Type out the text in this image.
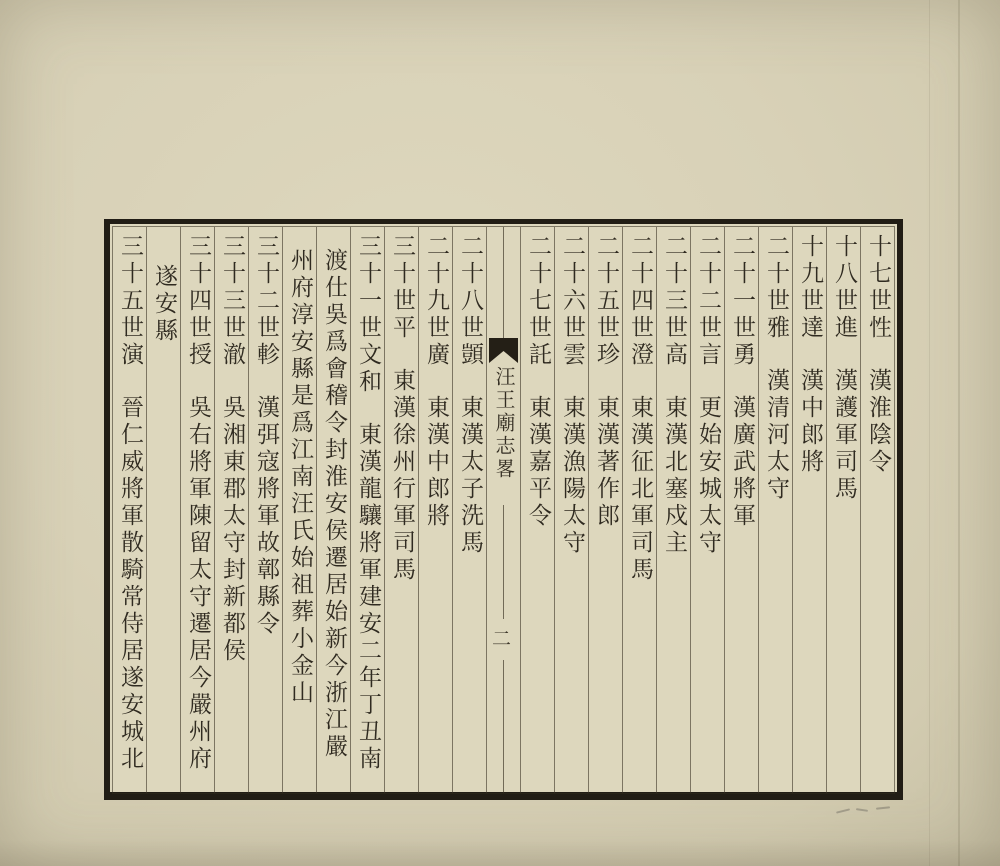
十七世性漢淮陰令
十八世進漢護軍司馬
十九世達漢中郎將
二十世雅漢清河太守
二十一世勇漢廣武將軍
二十二世言更始安城太守
二十三世高東漢北塞戍主
二十四世澄東漢征北軍司馬
二十五世珍東漢著作郎
二十六世雲東漢漁陽太守
二十七世託東漢嘉平令
汪王廟志畧
二
二十八世顗東漢太子洗馬
二十九世廣東漢中郎將
三十世平東漢徐州行軍司馬
三十一世文和東漢龍驤將軍建安二年丁丑南
渡仕吳爲會稽令封淮安侯遷居始新今浙江嚴
州府淳安縣是爲江南汪氏始祖葬小金山
三十二世軫漢弭寇將軍故鄣縣令
三十三世澈吳湘東郡太守封新都侯
三十四世授吳右將軍陳留太守遷居今嚴州府
遂安縣
三十五世演晉仁威將軍散騎常侍居遂安城北
